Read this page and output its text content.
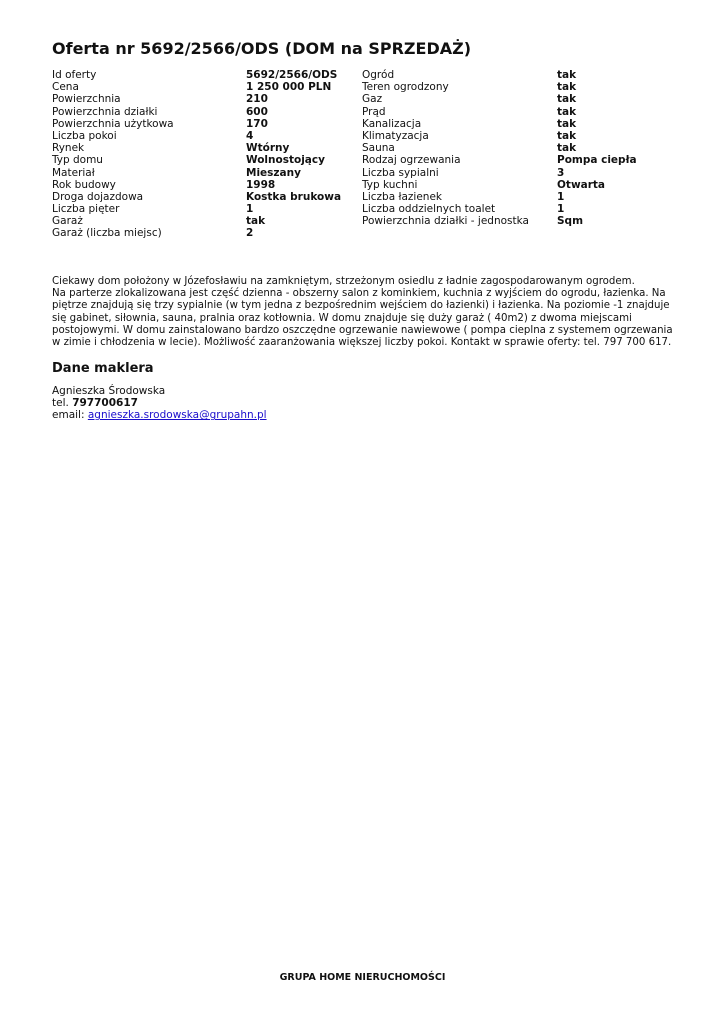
Oferta nr 5692/2566/ODS (DOM na SPRZEDAŻ)
Id oferty	5692/2566/ODS
Cena	1 250 000 PLN
Powierzchnia	210
Powierzchnia działki	600
Powierzchnia użytkowa	170
Liczba pokoi	4
Rynek	Wtórny
Typ domu	Wolnostojący
Materiał	Mieszany
Rok budowy	1998
Droga dojazdowa	Kostka brukowa
Liczba pięter	1
Garaż	tak
Garaż (liczba miejsc)	2
Ogród	tak
Teren ogrodzony	tak
Gaz	tak
Prąd	tak
Kanalizacja	tak
Klimatyzacja	tak
Sauna	tak
Rodzaj ogrzewania	Pompa ciepła
Liczba sypialni	3
Typ kuchni	Otwarta
Liczba łazienek	1
Liczba oddzielnych toalet	1
Powierzchnia działki - jednostka	Sqm

Ciekawy dom położony w Józefosławiu na zamkniętym, strzeżonym osiedlu z ładnie zagospodarowanym ogrodem.

Na parterze zlokalizowana jest część dzienna - obszerny salon z kominkiem, kuchnia z wyjściem do ogrodu, łazienka. Na piętrze znajdują się trzy sypialnie (w tym jedna z bezpośrednim wejściem do łazienki) i łazienka. Na poziomie -1 znajduje się gabinet, siłownia, sauna, pralnia oraz kotłownia. W domu znajduje się duży garaż ( 40m2) z dwoma miejscami postojowymi. W domu zainstalowano bardzo oszczędne ogrzewanie nawiewowe ( pompa cieplna z systemem ogrzewania w zimie i chłodzenia w lecie). Możliwość zaaranżowania większej liczby pokoi. Kontakt w sprawie oferty: tel. 797 700 617.

Dane maklera
Agnieszka Środowska
tel. 797700617
email: agnieszka.srodowska@grupahn.pl
GRUPA HOME NIERUCHOMOŚCI
